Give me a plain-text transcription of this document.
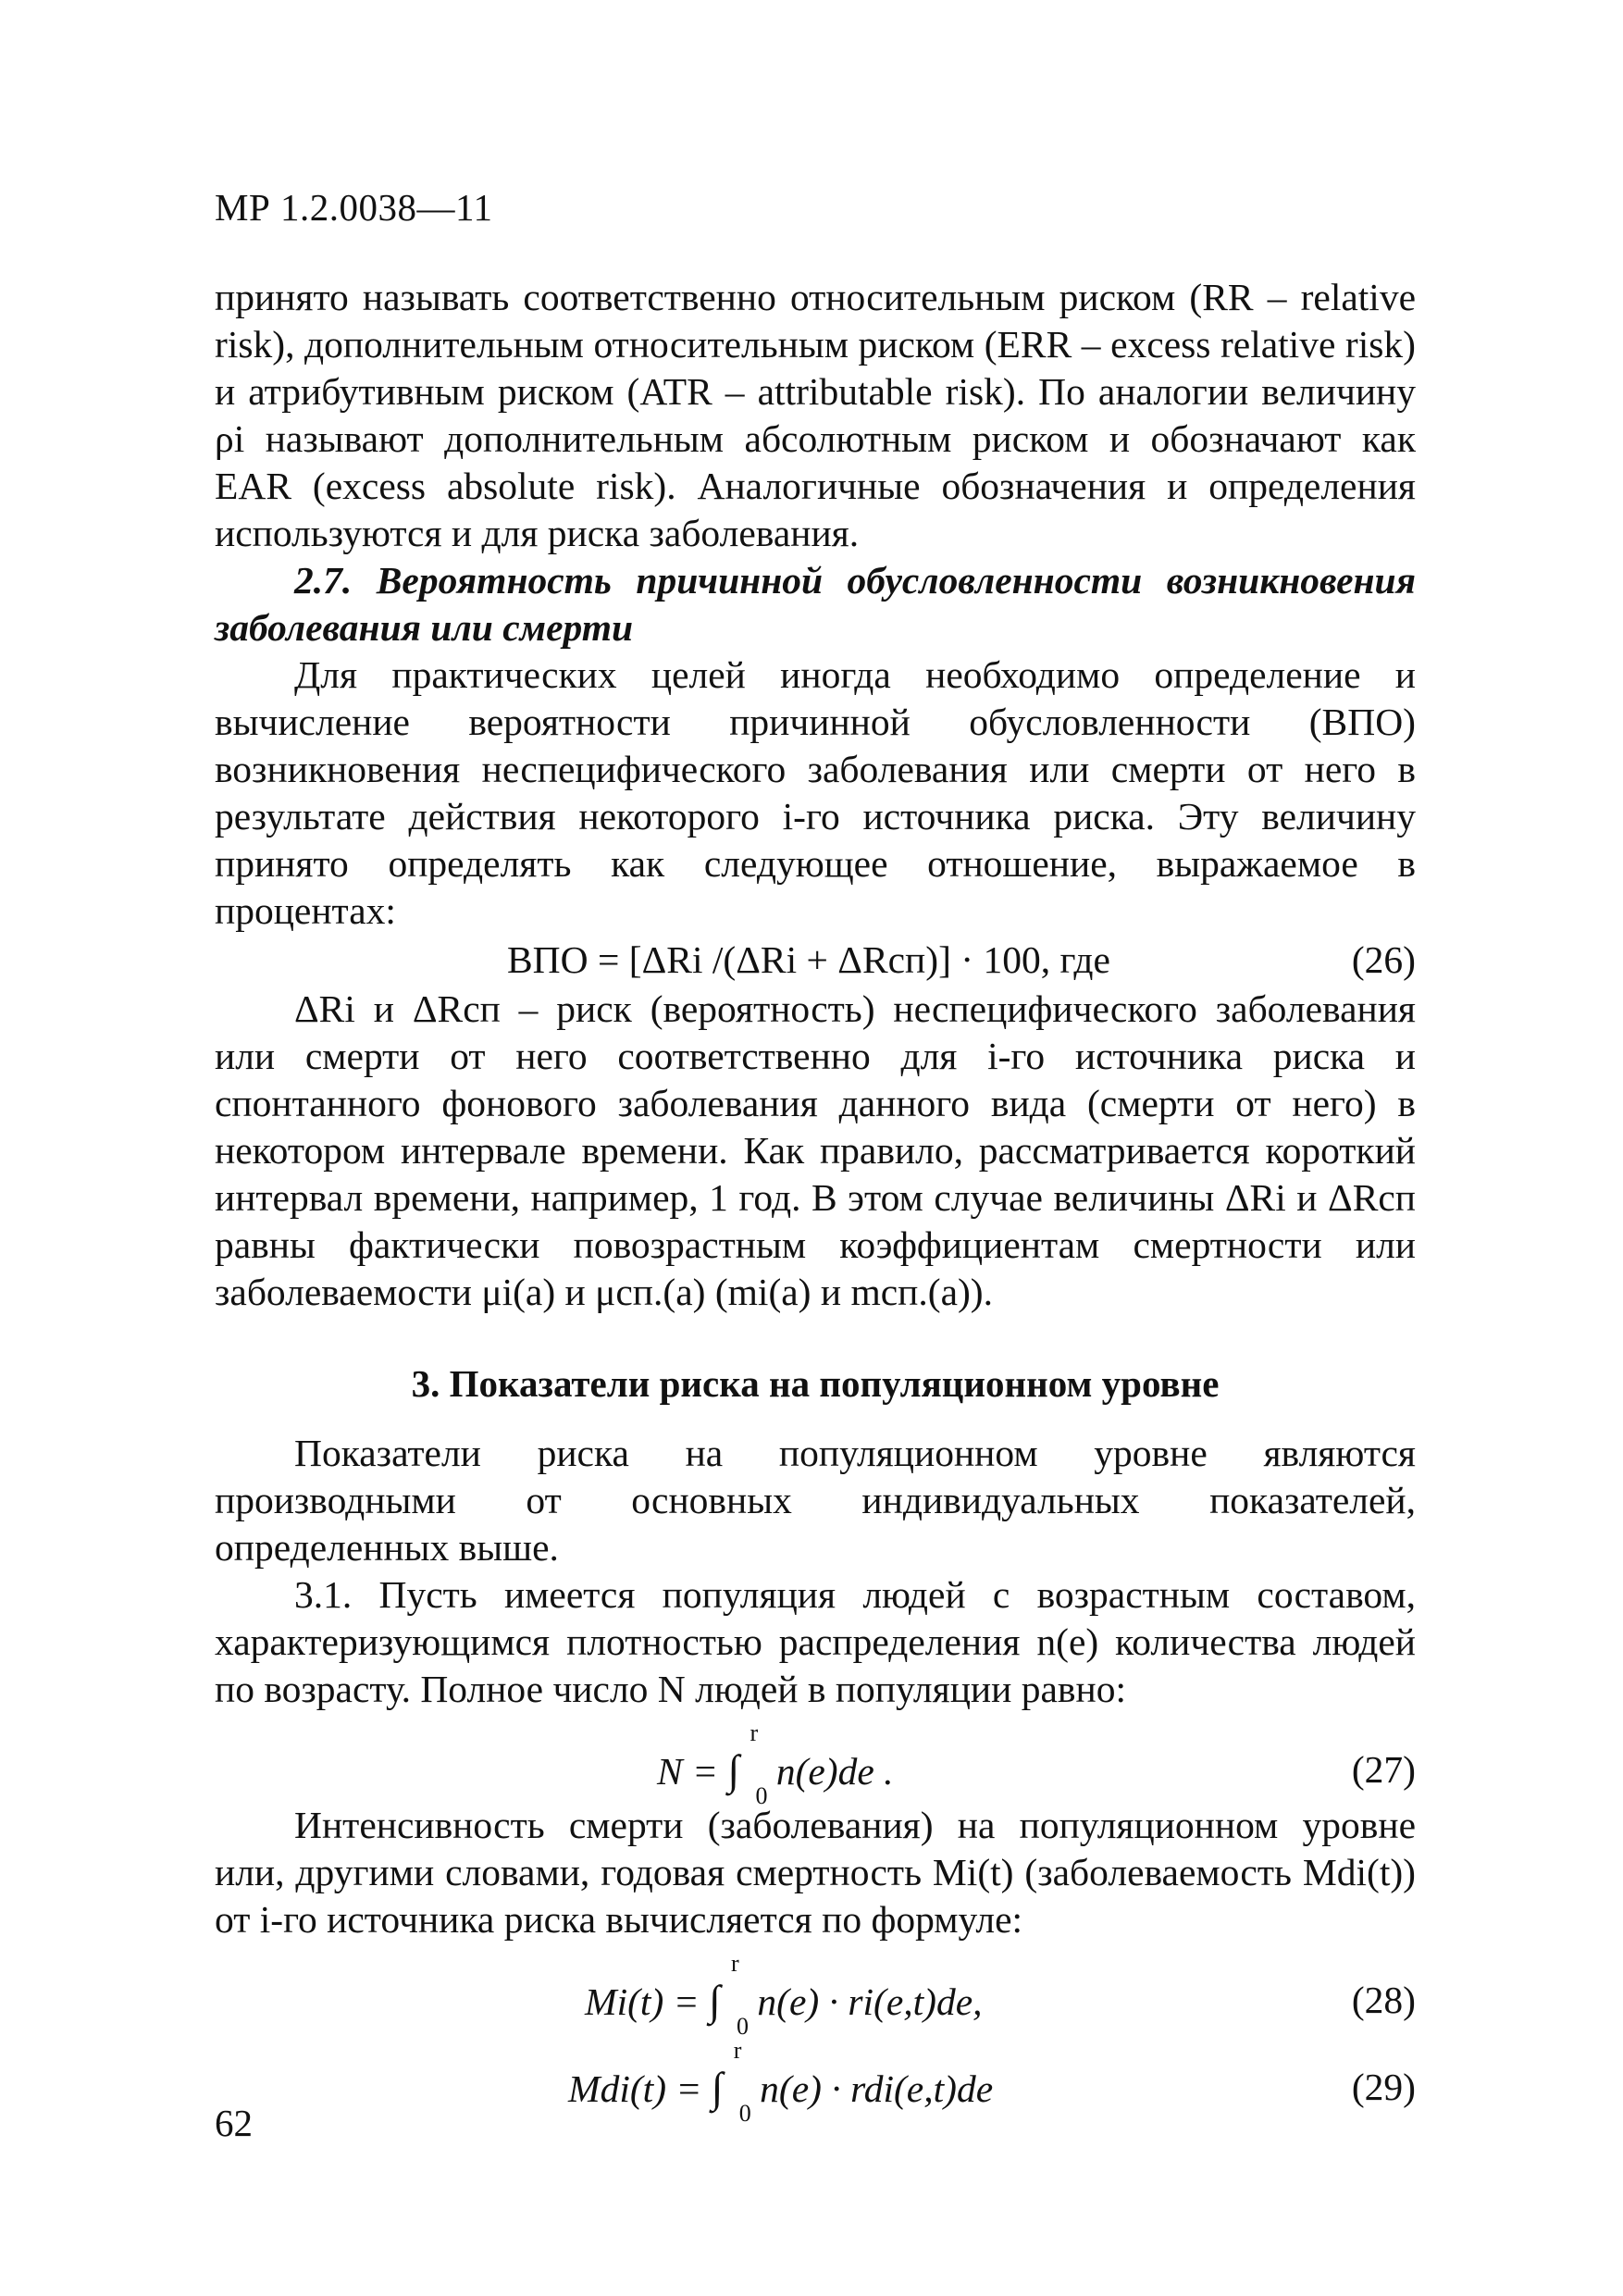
МР 1.2.0038—11

принято называть соответственно относительным риском (RR – relative risk), дополнительным относительным риском (ERR – excess relative risk) и атрибутивным риском (ATR – attributable risk). По аналогии величину ρi называют дополнительным абсолютным риском и обозначают как EAR (excess absolute risk). Аналогичные обозначения и определения используются и для риска заболевания.

2.7. Вероятность причинной обусловленности возникновения заболевания или смерти

Для практических целей иногда необходимо определение и вычисление вероятности причинной обусловленности (ВПО) возникновения неспецифического заболевания или смерти от него в результате действия некоторого i-го источника риска. Эту величину принято определять как следующее отношение, выражаемое в процентах:

ВПО = [ΔRi /(ΔRi + ΔRсп)] · 100, где	(26)

ΔRi и ΔRсп – риск (вероятность) неспецифического заболевания или смерти от него соответственно для i-го источника риска и спонтанного фонового заболевания данного вида (смерти от него) в некотором интервале времени. Как правило, рассматривается короткий интервал времени, например, 1 год. В этом случае величины ΔRi и ΔRсп равны фактически повозрастным коэффициентам смертности или заболеваемости μi(a) и μсп.(a) (mi(a) и mсп.(a)).

3. Показатели риска на популяционном уровне

Показатели риска на популяционном уровне являются производными от основных индивидуальных показателей, определенных выше.

3.1. Пусть имеется популяция людей с возрастным составом, характеризующимся плотностью распределения n(e) количества людей по возрасту. Полное число N людей в популяции равно:

N = ∫
r
0
n(e)de .	(27)

Интенсивность смерти (заболевания) на популяционном уровне или, другими словами, годовая смертность Mi(t) (заболеваемость Mdi(t)) от i-го источника риска вычисляется по формуле:

Mi(t) = ∫
r
0
n(e) · ri(e,t)de,	(28)
Mdi(t) = ∫
r
0
n(e) · rdi(e,t)de	(29)
62
